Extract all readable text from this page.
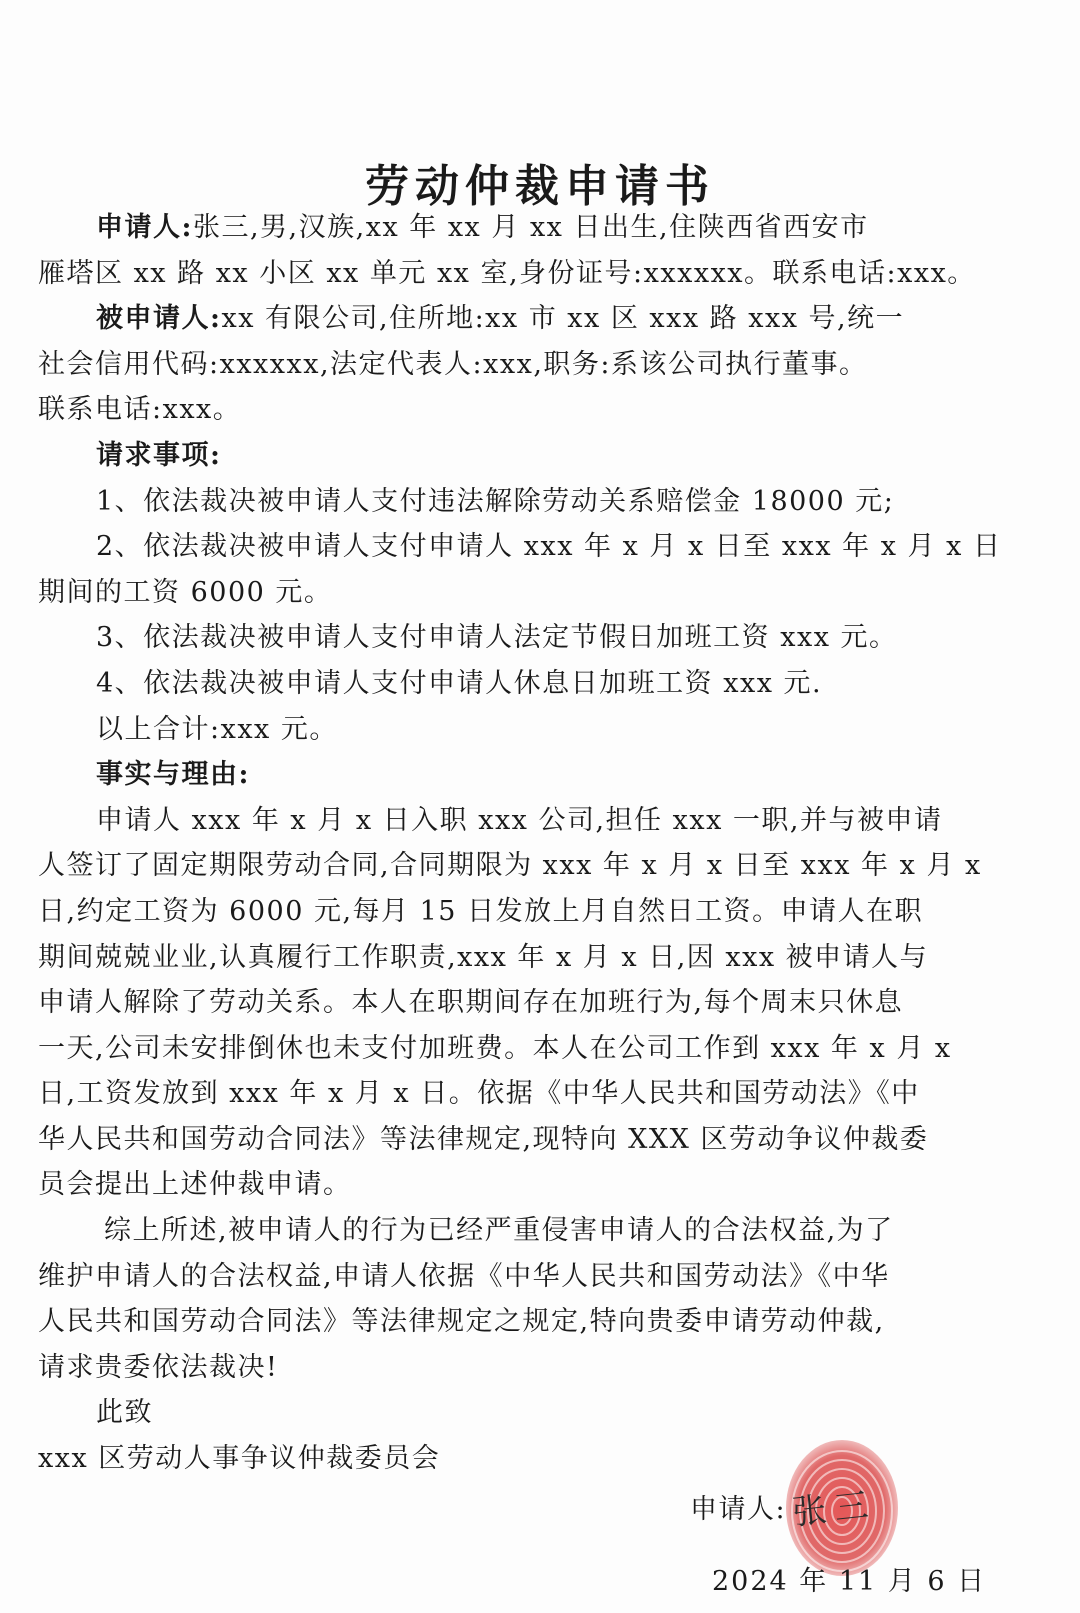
劳动仲裁申请书
申请人:张三,男,汉族,xx 年 xx 月 xx 日出生,住陕西省西安市
雁塔区 xx 路 xx 小区 xx 单元 xx 室,身份证号:xxxxxx。联系电话:xxx。
被申请人:xx 有限公司,住所地:xx 市 xx 区 xxx 路 xxx 号,统一
社会信用代码:xxxxxx,法定代表人:xxx,职务:系该公司执行董事。
联系电话:xxx。
请求事项:
1、依法裁决被申请人支付违法解除劳动关系赔偿金 18000 元;
2、依法裁决被申请人支付申请人 xxx 年 x 月 x 日至 xxx 年 x 月 x 日
期间的工资 6000 元。
3、依法裁决被申请人支付申请人法定节假日加班工资 xxx 元。
4、依法裁决被申请人支付申请人休息日加班工资 xxx 元.
以上合计:xxx 元。
事实与理由:
申请人 xxx 年 x 月 x 日入职 xxx 公司,担任 xxx 一职,并与被申请
人签订了固定期限劳动合同,合同期限为 xxx 年 x 月 x 日至 xxx 年 x 月 x
日,约定工资为 6000 元,每月 15 日发放上月自然日工资。申请人在职
期间兢兢业业,认真履行工作职责,xxx 年 x 月 x 日,因 xxx 被申请人与
申请人解除了劳动关系。本人在职期间存在加班行为,每个周末只休息
一天,公司未安排倒休也未支付加班费。本人在公司工作到 xxx 年 x 月 x
日,工资发放到 xxx 年 x 月 x 日。依据《中华人民共和国劳动法》《中
华人民共和国劳动合同法》等法律规定,现特向 XXX 区劳动争议仲裁委
员会提出上述仲裁申请。
综上所述,被申请人的行为已经严重侵害申请人的合法权益,为了
维护申请人的合法权益,申请人依据《中华人民共和国劳动法》《中华
人民共和国劳动合同法》等法律规定之规定,特向贵委申请劳动仲裁,
请求贵委依法裁决!
此致
xxx 区劳动人事争议仲裁委员会
申请人: 张三
2024 年 11 月 6 日
